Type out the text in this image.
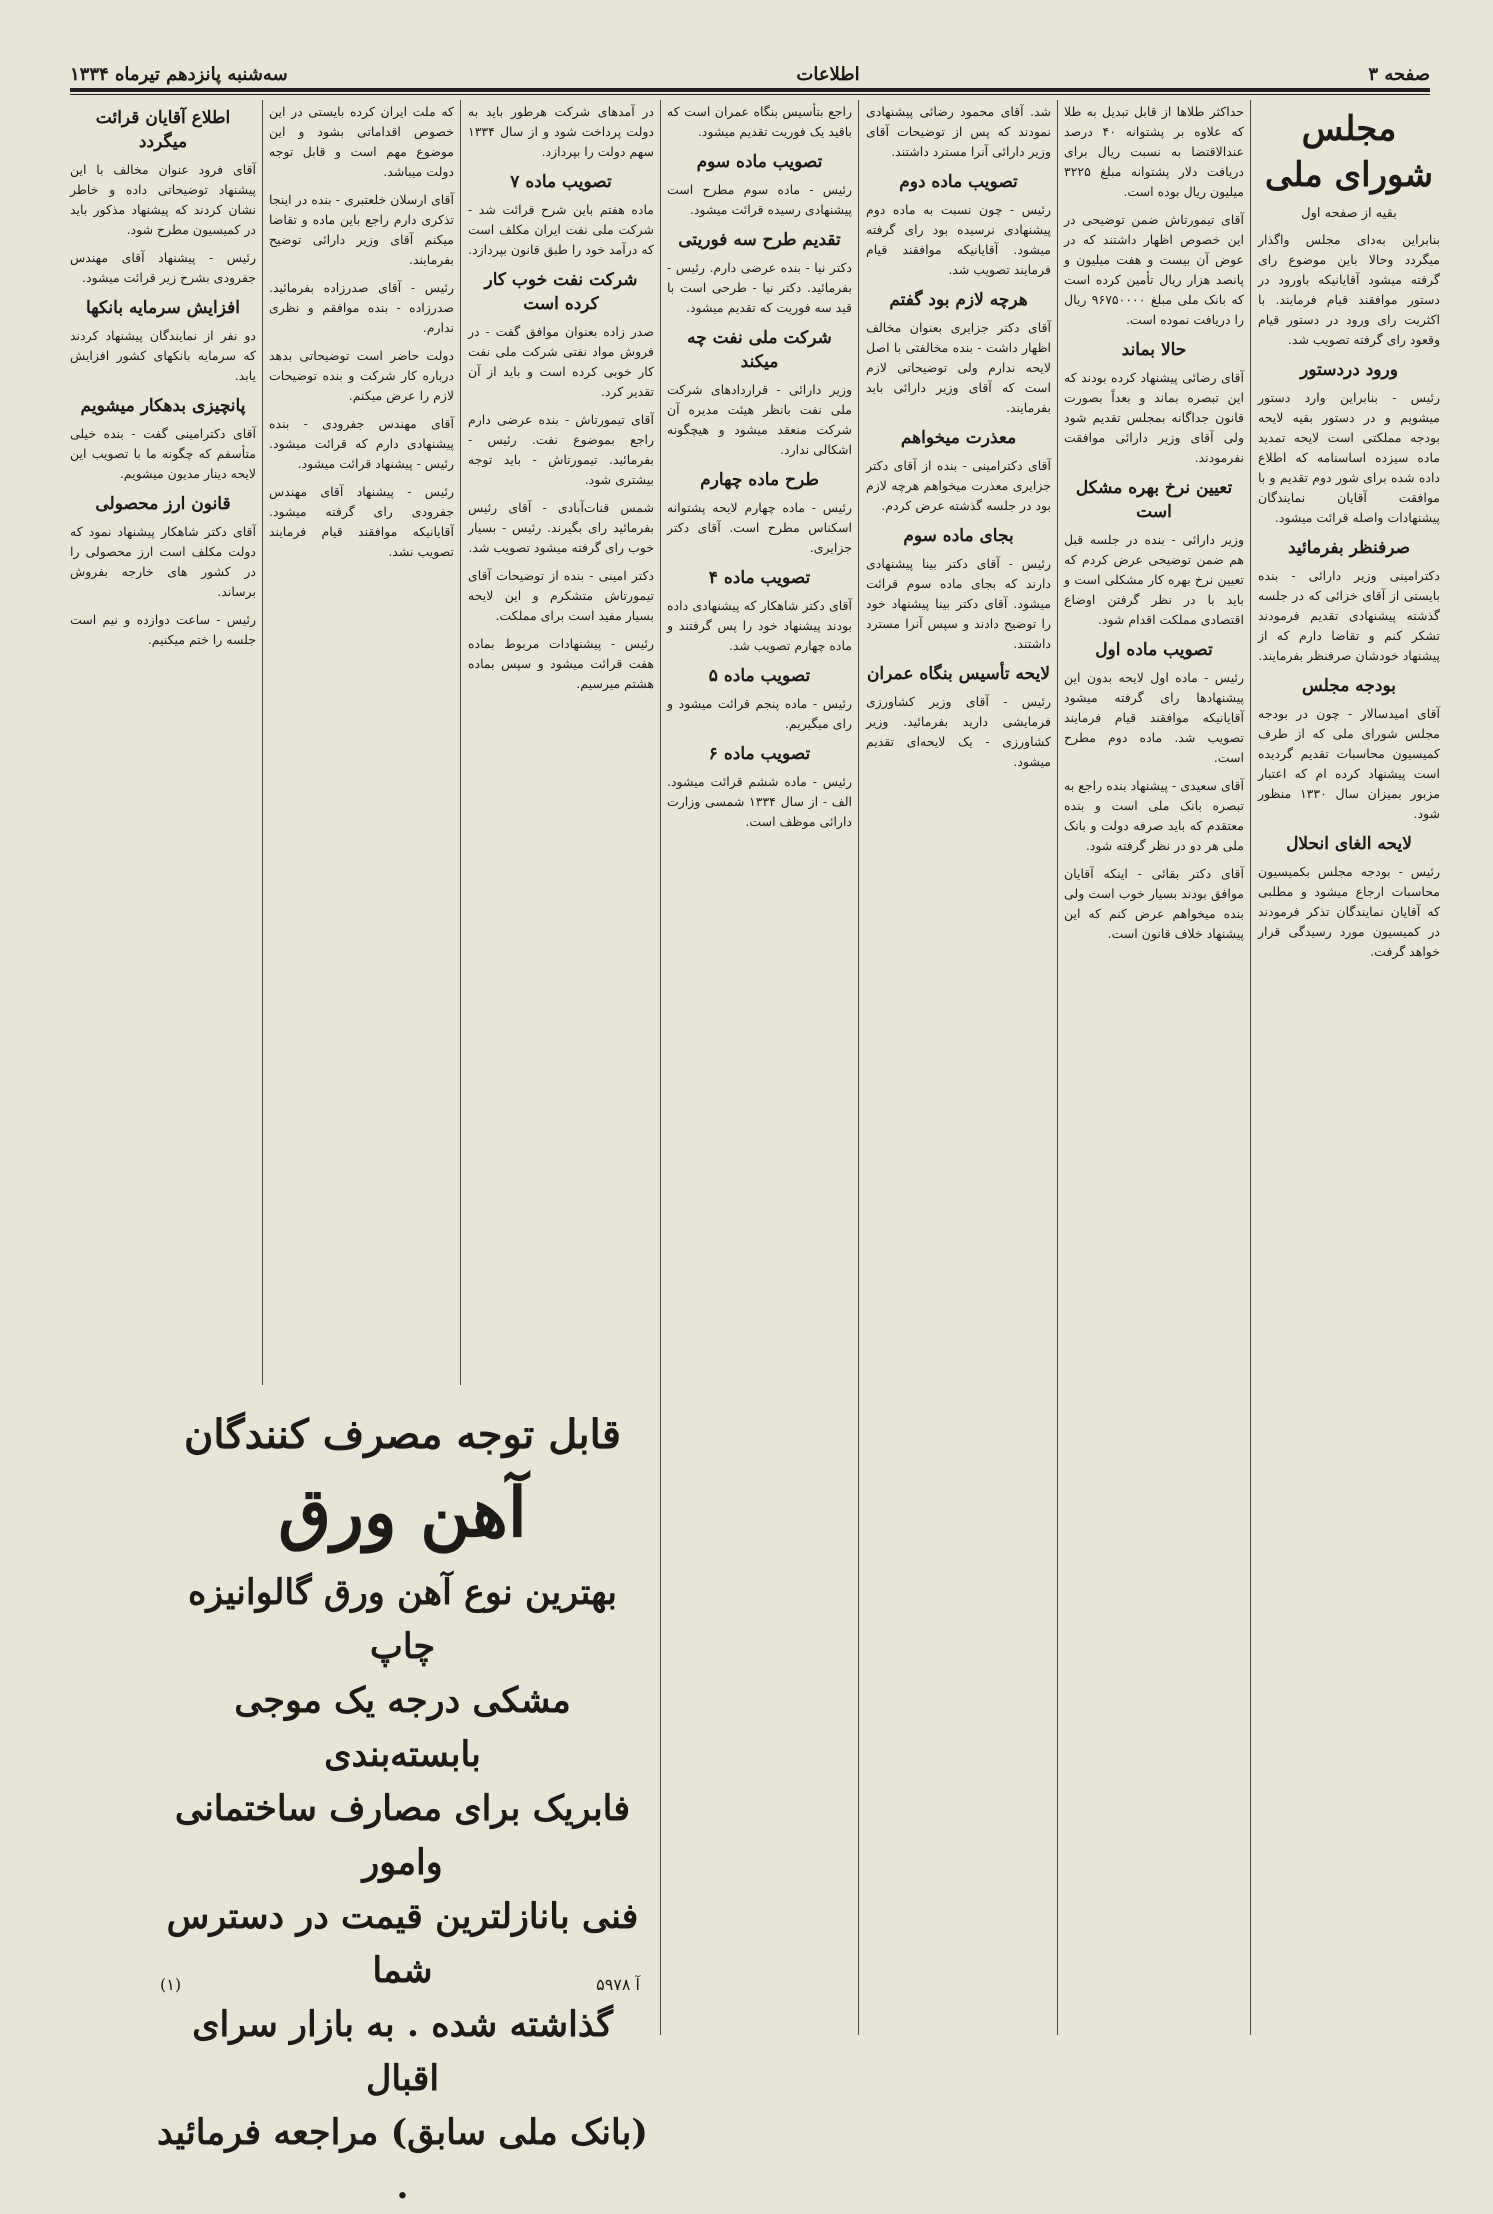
سه‌شنبه پانزدهم تیرماه ۱۳۳۴	اطلاعات	صفحه ۳
مجلس شورای ملی
بقیه از صفحه اول

بنابراین به‌دای مجلس واگذار میگردد وحالا باین موضوع رای گرفته میشود آقایانیکه باورود در دستور موافقند قیام فرمایند. با اکثریت رای ورود در دستور قیام وقعود رای گرفته تصویب شد.

ورود دردستور

رئیس - بنابراین وارد دستور میشویم و در دستور بقیه لایحه بودجه مملکتی است لایحه تمدید ماده سیزده اساسنامه که اطلاع داده شده برای شور دوم تقدیم و با موافقت آقایان نمایندگان پیشنهادات واصله قرائت میشود.

صرفنظر بفرمائید

دکترامینی وزیر دارائی - بنده بایستی از آقای خزائی که در جلسه گذشته پیشنهادی تقدیم فرمودند تشکر کنم و تقاضا دارم که از پیشنهاد خودشان صرفنظر بفرمایند.

بودجه مجلس

آقای امیدسالار - چون در بودجه مجلس شورای ملی که از طرف کمیسیون محاسبات تقدیم گردیده است پیشنهاد کرده ام که اعتبار مزبور بمیزان سال ۱۳۳۰ منظور شود.

لایحه الغای انحلال

رئیس - بودجه مجلس بکمیسیون محاسبات ارجاع میشود و مطلبی که آقایان نمایندگان تذکر فرمودند در کمیسیون مورد رسیدگی قرار خواهد گرفت.

حداکثر طلاها از قابل تبدیل به طلا که علاوه بر پشتوانه ۴۰ درصد عندالاقتضا به نسبت ریال برای دریافت دلار پشتوانه مبلغ ۳۲۲۵ میلیون ریال بوده است.

آقای تیمورتاش ضمن توضیحی در این خصوص اظهار داشتند که در عوض آن بیست و هفت میلیون و پانصد هزار ریال تأمین کرده است که بانک ملی مبلغ ۹۶۷۵۰۰۰۰ ریال را دریافت نموده است.

حالا بماند

آقای رضائی پیشنهاد کرده بودند که این تبصره بماند و بعداً بصورت قانون جداگانه بمجلس تقدیم شود ولی آقای وزیر دارائی موافقت نفرمودند.

تعیین نرخ بهره مشکل است

وزیر دارائی - بنده در جلسه قبل هم ضمن توضیحی عرض کردم که تعیین نرخ بهره کار مشکلی است و باید با در نظر گرفتن اوضاع اقتصادی مملکت اقدام شود.

تصویب ماده اول

رئیس - ماده اول لایحه بدون این پیشنهادها رای گرفته میشود آقایانیکه موافقند قیام فرمایند تصویب شد. ماده دوم مطرح است.

آقای سعیدی - پیشنهاد بنده راجع به تبصره بانک ملی است و بنده معتقدم که باید صرفه دولت و بانک ملی هر دو در نظر گرفته شود.

آقای دکتر بقائی - اینکه آقایان موافق بودند بسیار خوب است ولی بنده میخواهم عرض کنم که این پیشنهاد خلاف قانون است.

شد. آقای محمود رضائی پیشنهادی نمودند که پس از توضیحات آقای وزیر دارائی آنرا مسترد داشتند.

تصویب ماده دوم

رئیس - چون نسبت به ماده دوم پیشنهادی نرسیده بود رای گرفته میشود. آقایانیکه موافقند قیام فرمایند تصویب شد.

هرچه لازم بود گفتم

آقای دکتر جزایری بعنوان مخالف اظهار داشت - بنده مخالفتی با اصل لایحه ندارم ولی توضیحاتی لازم است که آقای وزیر دارائی باید بفرمایند.

معذرت میخواهم

آقای دکترامینی - بنده از آقای دکتر جزایری معذرت میخواهم هرچه لازم بود در جلسه گذشته عرض کردم.

بجای ماده سوم

رئیس - آقای دکتر بینا پیشنهادی دارند که بجای ماده سوم قرائت میشود. آقای دکتر بینا پیشنهاد خود را توضیح دادند و سپس آنرا مسترد داشتند.

لایحه تأسیس بنگاه عمران

رئیس - آقای وزیر کشاورزی فرمایشی دارید بفرمائید. وزیر کشاورزی - یک لایحه‌ای تقدیم میشود.

راجع بتأسیس بنگاه عمران است که باقید یک فوریت تقدیم میشود.

تصویب ماده سوم

رئیس - ماده سوم مطرح است پیشنهادی رسیده قرائت میشود.

تقدیم طرح سه فوریتی

دکتر نیا - بنده عرضی دارم. رئیس - بفرمائید. دکتر نیا - طرحی است با قید سه فوریت که تقدیم میشود.

شرکت ملی نفت چه میکند

وزیر دارائی - قراردادهای شرکت ملی نفت بانظر هیئت مدیره آن شرکت منعقد میشود و هیچگونه اشکالی ندارد.

طرح ماده چهارم

رئیس - ماده چهارم لایحه پشتوانه اسکناس مطرح است. آقای دکتر جزایری.

تصویب ماده ۴

آقای دکتر شاهکار که پیشنهادی داده بودند پیشنهاد خود را پس گرفتند و ماده چهارم تصویب شد.

تصویب ماده ۵

رئیس - ماده پنجم قرائت میشود و رای میگیریم.

تصویب ماده ۶

رئیس - ماده ششم قرائت میشود. الف - از سال ۱۳۳۴ شمسی وزارت دارائی موظف است.

در آمدهای شرکت هرطور باید به دولت پرداخت شود و از سال ۱۳۳۴ سهم دولت را بپردازد.

تصویب ماده ۷

ماده هفتم باین شرح قرائت شد - شرکت ملی نفت ایران مکلف است که درآمد خود را طبق قانون بپردازد.

شرکت نفت خوب کار کرده است

صدر زاده بعنوان موافق گفت - در فروش مواد نفتی شرکت ملی نفت کار خوبی کرده است و باید از آن تقدیر کرد.

آقای تیمورتاش - بنده عرضی دارم راجع بموضوع نفت. رئیس - بفرمائید. تیمورتاش - باید توجه بیشتری شود.

شمس قنات‌آبادی - آقای رئیس بفرمائید رای بگیرند. رئیس - بسیار خوب رای گرفته میشود تصویب شد.

دکتر امینی - بنده از توضیحات آقای تیمورتاش متشکرم و این لایحه بسیار مفید است برای مملکت.

رئیس - پیشنهادات مربوط بماده هفت قرائت میشود و سپس بماده هشتم میرسیم.

که ملت ایران کرده بایستی در این خصوص اقداماتی بشود و این موضوع مهم است و قابل توجه دولت میباشد.

آقای ارسلان خلعتبری - بنده در اینجا تذکری دارم راجع باین ماده و تقاضا میکنم آقای وزیر دارائی توضیح بفرمایند.

رئیس - آقای صدرزاده بفرمائید. صدرزاده - بنده موافقم و نظری ندارم.

دولت حاضر است توضیحاتی بدهد درباره کار شرکت و بنده توضیحات لازم را عرض میکنم.

آقای مهندس جفرودی - بنده پیشنهادی دارم که قرائت میشود. رئیس - پیشنهاد قرائت میشود.

رئیس - پیشنهاد آقای مهندس جفرودی رای گرفته میشود. آقایانیکه موافقند قیام فرمایند تصویب نشد.

اطلاع آقایان قرائت میگردد

آقای فرود عنوان مخالف با این پیشنهاد توضیحاتی داده و خاطر نشان کردند که پیشنهاد مذکور باید در کمیسیون مطرح شود.

رئیس - پیشنهاد آقای مهندس جفرودی بشرح زیر قرائت میشود.

افزایش سرمایه بانکها

دو نفر از نمایندگان پیشنهاد کردند که سرمایه بانکهای کشور افزایش یابد.

پانچیزی بدهکار میشویم

آقای دکترامینی گفت - بنده خیلی متأسفم که چگونه ما با تصویب این لایحه دینار مدیون میشویم.

قانون ارز محصولی

آقای دکتر شاهکار پیشنهاد نمود که دولت مکلف است ارز محصولی را در کشور های خارجه بفروش برساند.

رئیس - ساعت دوازده و نیم است جلسه را ختم میکنیم.

قابل توجه مصرف کنندگان
آهن ورق
بهترین نوع آهن ورق گالوانیزه چاپ
مشکی درجه یک موجی بابسته‌بندی
فابریک برای مصارف ساختمانی وامور
فنی بانازلترین قیمت در دسترس شما
گذاشته شده . به بازار سرای اقبال
(بانک ملی سابق) مراجعه فرمائید .
(۱)	آ ۵۹۷۸
